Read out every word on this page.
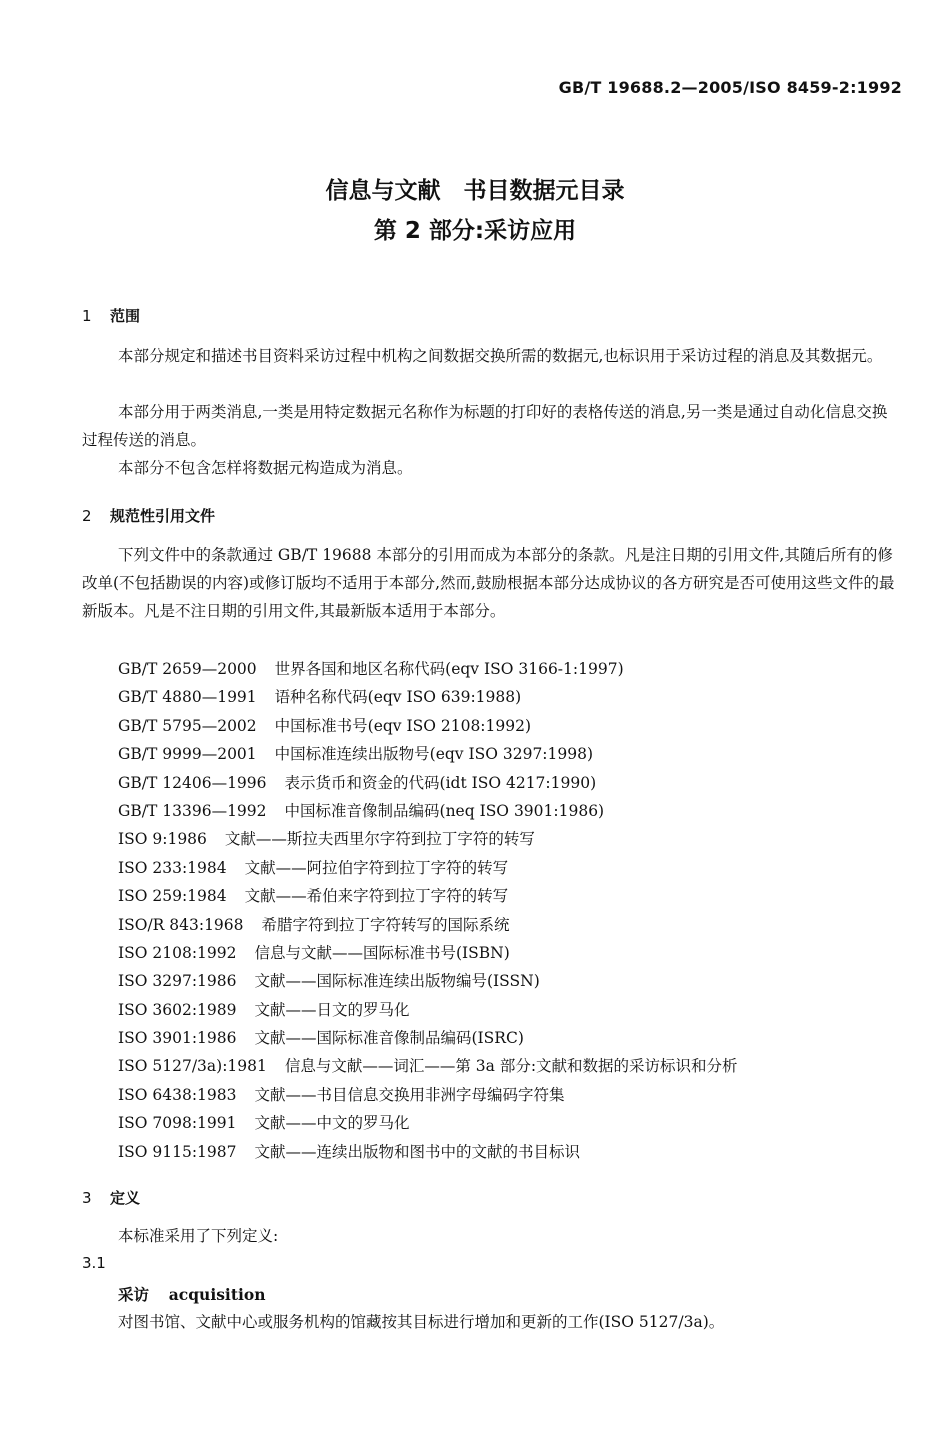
GB/T 19688.2—2005/ISO 8459-2:1992
信息与文献　书目数据元目录
第 2 部分:采访应用
1 范围
本部分规定和描述书目资料采访过程中机构之间数据交换所需的数据元,也标识用于采访过程的消息及其数据元。
本部分用于两类消息,一类是用特定数据元名称作为标题的打印好的表格传送的消息,另一类是通过自动化信息交换过程传送的消息。
本部分不包含怎样将数据元构造成为消息。
2 规范性引用文件
下列文件中的条款通过 GB/T 19688 本部分的引用而成为本部分的条款。凡是注日期的引用文件,其随后所有的修改单(不包括勘误的内容)或修订版均不适用于本部分,然而,鼓励根据本部分达成协议的各方研究是否可使用这些文件的最新版本。凡是不注日期的引用文件,其最新版本适用于本部分。
GB/T 2659—2000 世界各国和地区名称代码(eqv ISO 3166-1:1997)
GB/T 4880—1991 语种名称代码(eqv ISO 639:1988)
GB/T 5795—2002 中国标准书号(eqv ISO 2108:1992)
GB/T 9999—2001 中国标准连续出版物号(eqv ISO 3297:1998)
GB/T 12406—1996 表示货币和资金的代码(idt ISO 4217:1990)
GB/T 13396—1992 中国标准音像制品编码(neq ISO 3901:1986)
ISO 9:1986 文献——斯拉夫西里尔字符到拉丁字符的转写
ISO 233:1984 文献——阿拉伯字符到拉丁字符的转写
ISO 259:1984 文献——希伯来字符到拉丁字符的转写
ISO/R 843:1968 希腊字符到拉丁字符转写的国际系统
ISO 2108:1992 信息与文献——国际标准书号(ISBN)
ISO 3297:1986 文献——国际标准连续出版物编号(ISSN)
ISO 3602:1989 文献——日文的罗马化
ISO 3901:1986 文献——国际标准音像制品编码(ISRC)
ISO 5127/3a):1981 信息与文献——词汇——第 3a 部分:文献和数据的采访标识和分析
ISO 6438:1983 文献——书目信息交换用非洲字母编码字符集
ISO 7098:1991 文献——中文的罗马化
ISO 9115:1987 文献——连续出版物和图书中的文献的书目标识
3 定义
本标准采用了下列定义:
3.1
采访 acquisition
对图书馆、文献中心或服务机构的馆藏按其目标进行增加和更新的工作(ISO 5127/3a)。
